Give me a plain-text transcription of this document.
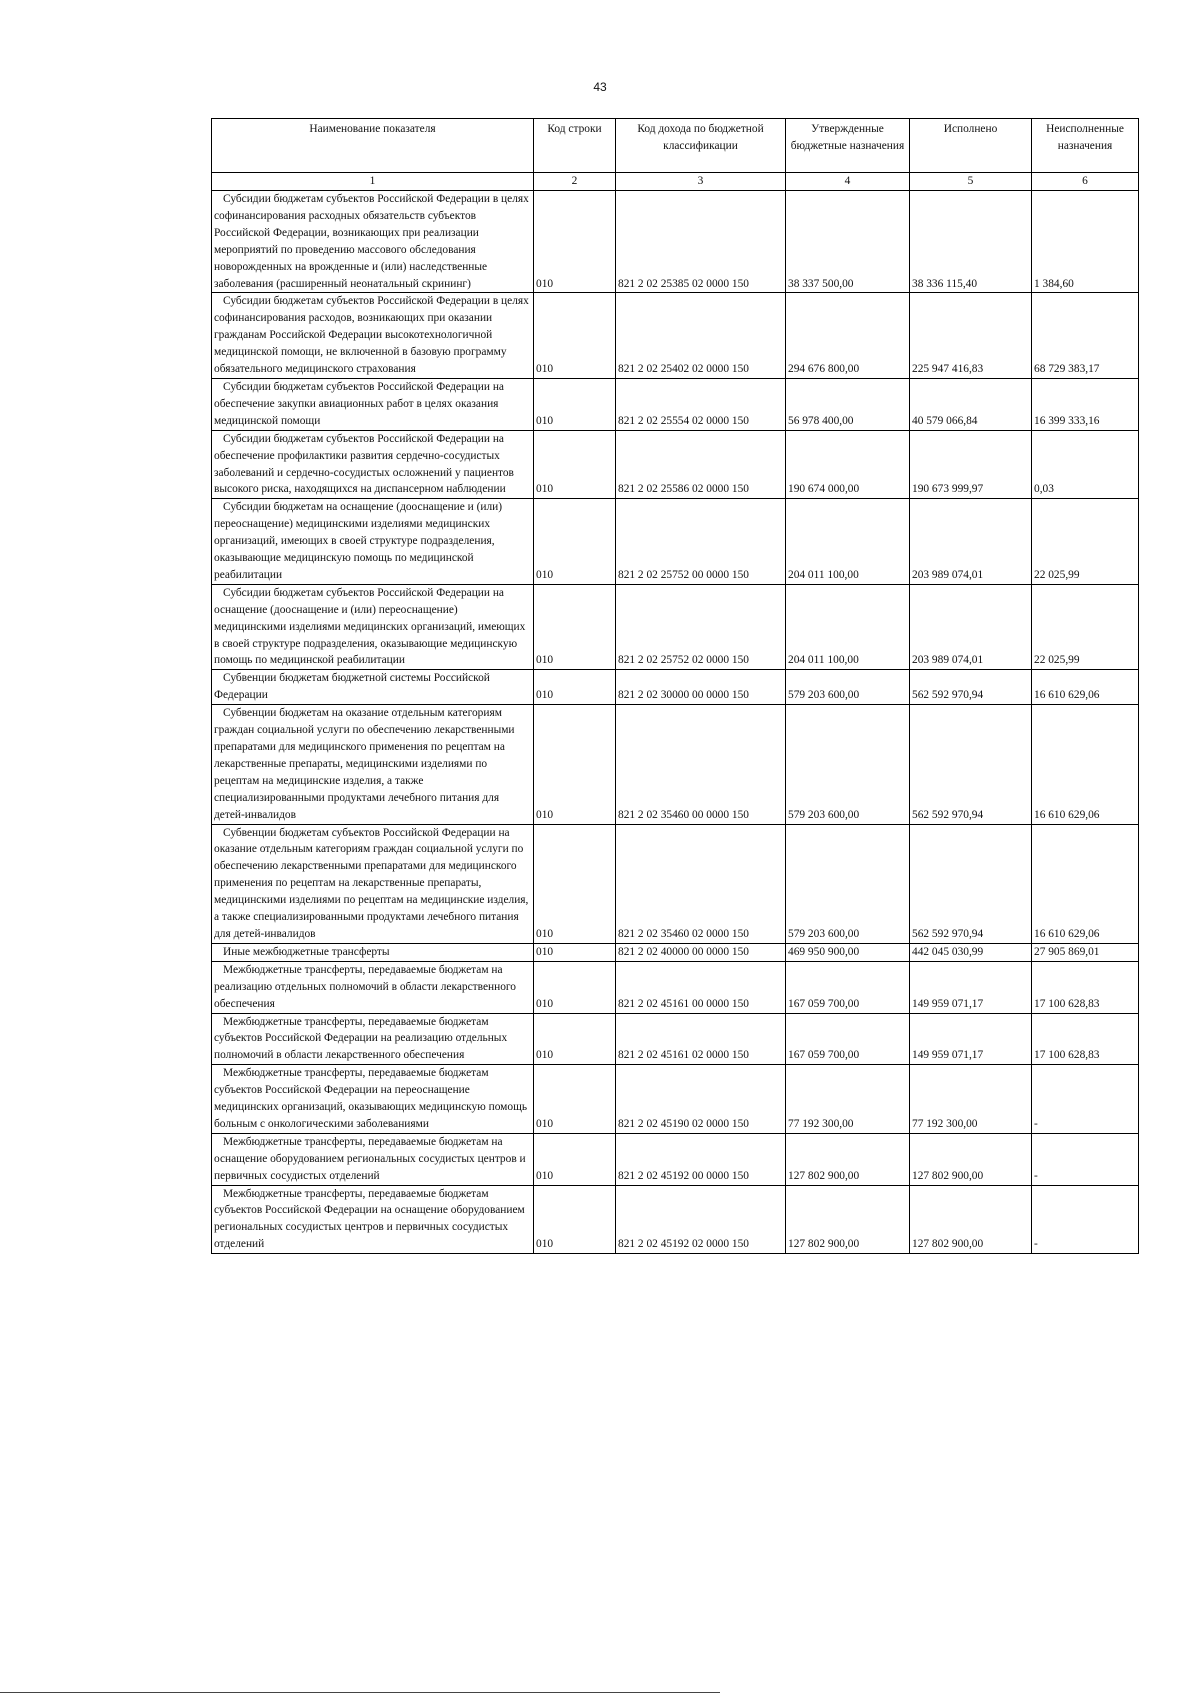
43
Наименование показателя	Код строки	Код дохода по бюджетной классификации	Утвержденные бюджетные назначения	Исполнено	Неисполненные назначения
1	2	3	4	5	6
Субсидии бюджетам субъектов Российской Федерации в целях софинансирования расходных обязательств субъектов Российской Федерации, возникающих при реализации мероприятий по проведению массового обследования новорожденных на врожденные и (или) наследственные заболевания (расширенный неонатальный скрининг)	010	821 2 02 25385 02 0000 150	38 337 500,00	38 336 115,40	1 384,60
Субсидии бюджетам субъектов Российской Федерации в целях софинансирования расходов, возникающих при оказании гражданам Российской Федерации высокотехнологичной медицинской помощи, не включенной в базовую программу обязательного медицинского страхования	010	821 2 02 25402 02 0000 150	294 676 800,00	225 947 416,83	68 729 383,17
Субсидии бюджетам субъектов Российской Федерации на обеспечение закупки авиационных работ в целях оказания медицинской помощи	010	821 2 02 25554 02 0000 150	56 978 400,00	40 579 066,84	16 399 333,16
Субсидии бюджетам субъектов Российской Федерации на обеспечение профилактики развития сердечно-сосудистых заболеваний и сердечно-сосудистых осложнений у пациентов высокого риска, находящихся на диспансерном наблюдении	010	821 2 02 25586 02 0000 150	190 674 000,00	190 673 999,97	0,03
Субсидии бюджетам на оснащение (дооснащение и (или) переоснащение) медицинскими изделиями медицинских организаций, имеющих в своей структуре подразделения, оказывающие медицинскую помощь по медицинской реабилитации	010	821 2 02 25752 00 0000 150	204 011 100,00	203 989 074,01	22 025,99
Субсидии бюджетам субъектов Российской Федерации на оснащение (дооснащение и (или) переоснащение) медицинскими изделиями медицинских организаций, имеющих в своей структуре подразделения, оказывающие медицинскую помощь по медицинской реабилитации	010	821 2 02 25752 02 0000 150	204 011 100,00	203 989 074,01	22 025,99
Субвенции бюджетам бюджетной системы Российской Федерации	010	821 2 02 30000 00 0000 150	579 203 600,00	562 592 970,94	16 610 629,06
Субвенции бюджетам на оказание отдельным категориям граждан социальной услуги по обеспечению лекарственными препаратами для медицинского применения по рецептам на лекарственные препараты, медицинскими изделиями по рецептам на медицинские изделия, а также специализированными продуктами лечебного питания для детей-инвалидов	010	821 2 02 35460 00 0000 150	579 203 600,00	562 592 970,94	16 610 629,06
Субвенции бюджетам субъектов Российской Федерации на оказание отдельным категориям граждан социальной услуги по обеспечению лекарственными препаратами для медицинского применения по рецептам на лекарственные препараты, медицинскими изделиями по рецептам на медицинские изделия, а также специализированными продуктами лечебного питания для детей-инвалидов	010	821 2 02 35460 02 0000 150	579 203 600,00	562 592 970,94	16 610 629,06
Иные межбюджетные трансферты	010	821 2 02 40000 00 0000 150	469 950 900,00	442 045 030,99	27 905 869,01
Межбюджетные трансферты, передаваемые бюджетам на реализацию отдельных полномочий в области лекарственного обеспечения	010	821 2 02 45161 00 0000 150	167 059 700,00	149 959 071,17	17 100 628,83
Межбюджетные трансферты, передаваемые бюджетам субъектов Российской Федерации на реализацию отдельных полномочий в области лекарственного обеспечения	010	821 2 02 45161 02 0000 150	167 059 700,00	149 959 071,17	17 100 628,83
Межбюджетные трансферты, передаваемые бюджетам субъектов Российской Федерации на переоснащение медицинских организаций, оказывающих медицинскую помощь больным с онкологическими заболеваниями	010	821 2 02 45190 02 0000 150	77 192 300,00	77 192 300,00	-
Межбюджетные трансферты, передаваемые бюджетам на оснащение оборудованием региональных сосудистых центров и первичных сосудистых отделений	010	821 2 02 45192 00 0000 150	127 802 900,00	127 802 900,00	-
Межбюджетные трансферты, передаваемые бюджетам субъектов Российской Федерации на оснащение оборудованием региональных сосудистых центров и первичных сосудистых отделений	010	821 2 02 45192 02 0000 150	127 802 900,00	127 802 900,00	-
